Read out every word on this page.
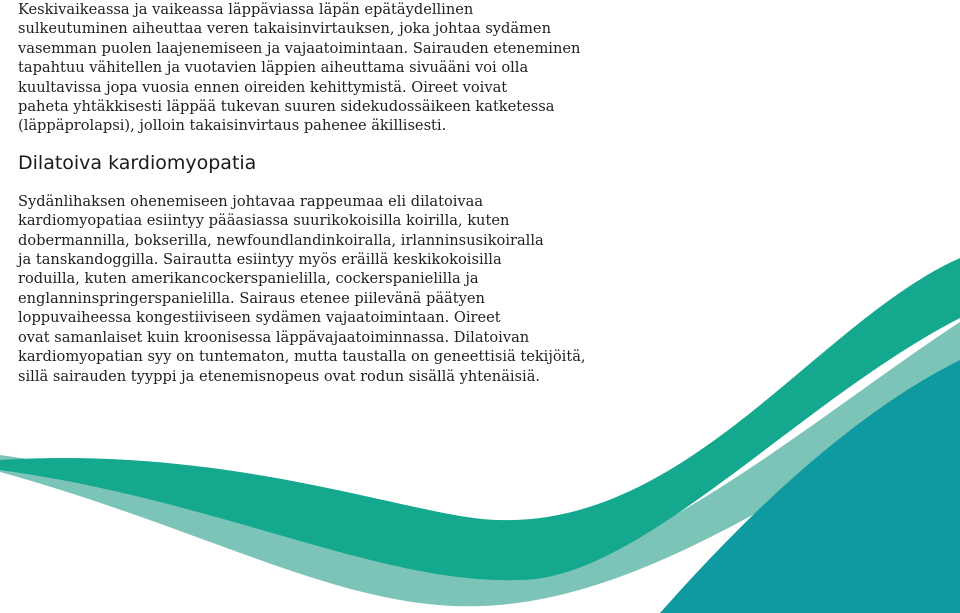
Keskivaikeassa ja vaikeassa läppäviassa läpän epätäydellinen
sulkeutuminen aiheuttaa veren takaisinvirtauksen, joka johtaa sydämen
vasemman puolen laajenemiseen ja vajaatoimintaan. Sairauden eteneminen
tapahtuu vähitellen ja vuotavien läppien aiheuttama sivuääni voi olla
kuultavissa jopa vuosia ennen oireiden kehittymistä. Oireet voivat
paheta yhtäkkisesti läppää tukevan suuren sidekudossäikeen katketessa
(läppäprolapsi), jolloin takaisinvirtaus pahenee äkillisesti.

Dilatoiva kardiomyopatia

Sydänlihaksen ohenemiseen johtavaa rappeumaa eli dilatoivaa
kardiomyopatiaa esiintyy pääasiassa suurikokoisilla koirilla, kuten
dobermannilla, bokserilla, newfoundlandinkoiralla, irlanninsusikoiralla
ja tanskandoggilla. Sairautta esiintyy myös eräillä keskikokoisilla
roduilla, kuten amerikancockerspanielilla, cockerspanielilla ja
englanninspringerspanielilla. Sairaus etenee piilevänä päätyen
loppuvaiheessa kongestiiviseen sydämen vajaatoimintaan. Oireet
ovat samanlaiset kuin kroonisessa läppävajaatoiminnassa. Dilatoivan
kardiomyopatian syy on tuntematon, mutta taustalla on geneettisiä tekijöitä,
sillä sairauden tyyppi ja etenemisnopeus ovat rodun sisällä yhtenäisiä.
